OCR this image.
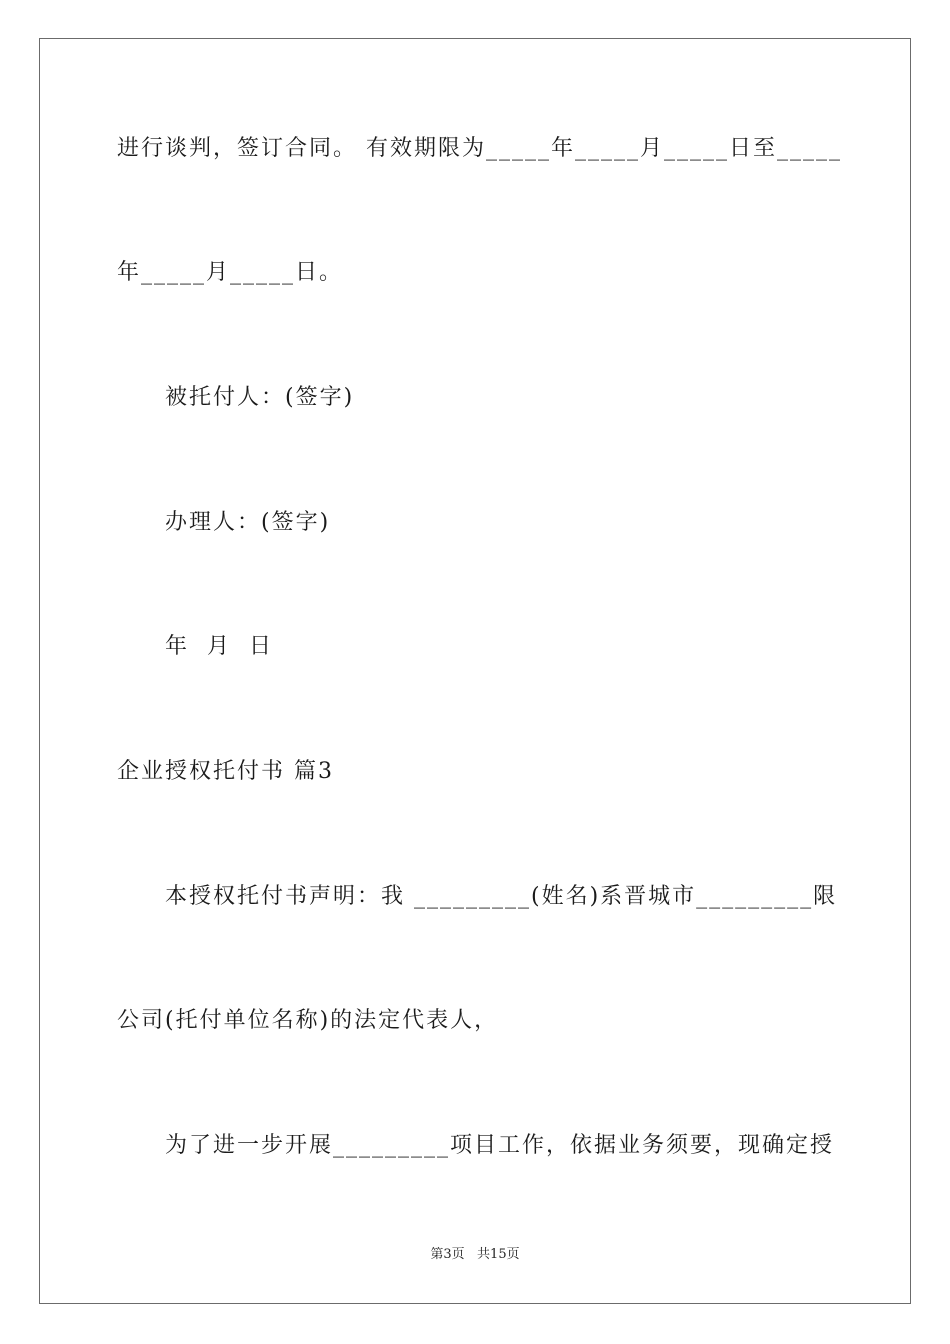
进行谈判，签订合同。 有效期限为_____年_____月_____日至_____
年_____月_____日。
被托付人：(签字)
办理人：(签字)
年  月  日
企业授权托付书 篇3
本授权托付书声明：我 _________(姓名)系晋城市_________限
公司(托付单位名称)的法定代表人，
为了进一步开展_________项目工作，依据业务须要，现确定授
第3页   共15页
